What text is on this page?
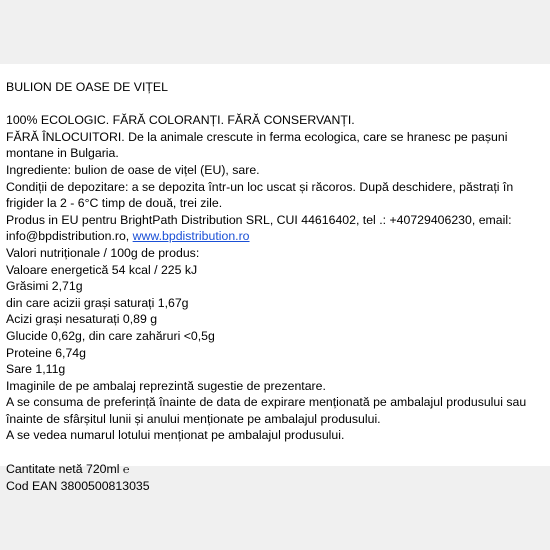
BULION DE OASE DE VIȚEL
100% ECOLOGIC. FĂRĂ COLORANȚI. FĂRĂ CONSERVANȚI.
FĂRĂ ÎNLOCUITORI. De la animale crescute in ferma ecologica, care se hranesc pe pașuni montane in Bulgaria.
Ingrediente: bulion de oase de vițel (EU), sare.
Condiții de depozitare: a se depozita într-un loc uscat și răcoros. După deschidere, păstrați în frigider la 2 - 6°C timp de două, trei zile.
Produs in EU pentru BrightPath Distribution SRL, CUI 44616402, tel .: +40729406230, email: info@bpdistribution.ro, www.bpdistribution.ro
Valori nutriționale / 100g de produs:
Valoare energetică 54 kcal / 225 kJ
Grăsimi 2,71g
din care acizii grași saturați 1,67g
Acizi grași nesaturați 0,89 g
Glucide 0,62g, din care zahăruri <0,5g
Proteine 6,74g
Sare 1,11g
Imaginile de pe ambalaj reprezintă sugestie de prezentare.
A se consuma de preferință înainte de data de expirare menționată pe ambalajul produsului sau înainte de sfârșitul lunii și anului menționate pe ambalajul produsului.
A se vedea numarul lotului menționat pe ambalajul produsului.
Cantitate netă 720ml ℮
Cod EAN 3800500813035
